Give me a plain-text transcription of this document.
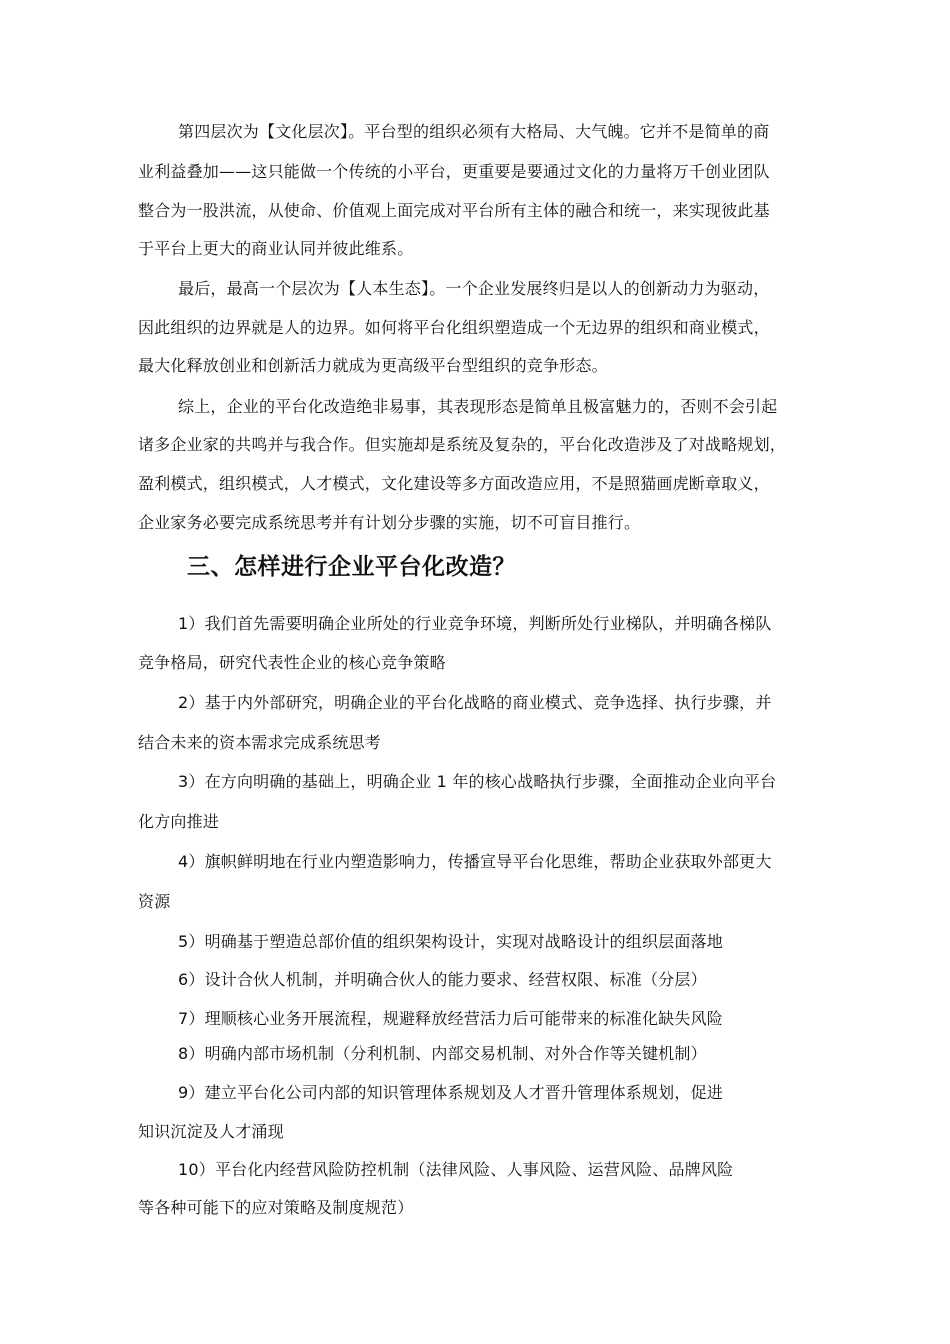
第四层次为【文化层次】。平台型的组织必须有大格局、大气魄。它并不是简单的商
业利益叠加——这只能做一个传统的小平台，更重要是要通过文化的力量将万千创业团队
整合为一股洪流，从使命、价值观上面完成对平台所有主体的融合和统一，来实现彼此基
于平台上更大的商业认同并彼此维系。
最后，最高一个层次为【人本生态】。一个企业发展终归是以人的创新动力为驱动，
因此组织的边界就是人的边界。如何将平台化组织塑造成一个无边界的组织和商业模式，
最大化释放创业和创新活力就成为更高级平台型组织的竞争形态。
综上，企业的平台化改造绝非易事，其表现形态是简单且极富魅力的，否则不会引起
诸多企业家的共鸣并与我合作。但实施却是系统及复杂的，平台化改造涉及了对战略规划，
盈利模式，组织模式，人才模式，文化建设等多方面改造应用，不是照猫画虎断章取义，
企业家务必要完成系统思考并有计划分步骤的实施，切不可盲目推行。
三、怎样进行企业平台化改造？
1）我们首先需要明确企业所处的行业竞争环境，判断所处行业梯队，并明确各梯队
竞争格局，研究代表性企业的核心竞争策略
2）基于内外部研究，明确企业的平台化战略的商业模式、竞争选择、执行步骤，并
结合未来的资本需求完成系统思考
3）在方向明确的基础上，明确企业 1 年的核心战略执行步骤，全面推动企业向平台
化方向推进
4）旗帜鲜明地在行业内塑造影响力，传播宣导平台化思维，帮助企业获取外部更大
资源
5）明确基于塑造总部价值的组织架构设计，实现对战略设计的组织层面落地
6）设计合伙人机制，并明确合伙人的能力要求、经营权限、标准（分层）
7）理顺核心业务开展流程，规避释放经营活力后可能带来的标准化缺失风险
8）明确内部市场机制（分利机制、内部交易机制、对外合作等关键机制）
9）建立平台化公司内部的知识管理体系规划及人才晋升管理体系规划，促进
知识沉淀及人才涌现
10）平台化内经营风险防控机制（法律风险、人事风险、运营风险、品牌风险
等各种可能下的应对策略及制度规范）
